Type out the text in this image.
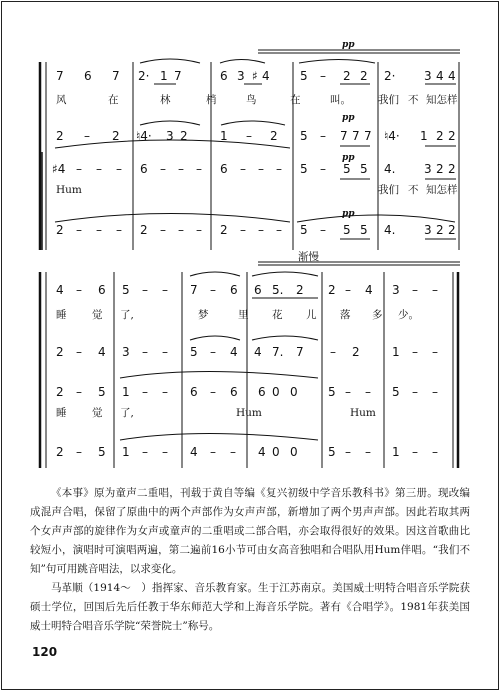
pp
pp
pp
pp
渐慢
7 6 7 2· 1 7	6 3 ♯ 4	5 – 2 2 2· 3 4 4
风	在	林	梢	鸟	在	叫。	我们 不 知怎样
2 – 2 ♮4· 3 2	1 – 2 5 – 7 7 7 ♮4· 1 2 2
♯4 – – – 6 – – – 6 – – – 5 – 5 5 4. 3 2 2
Hum	我们 不 知怎样
2 – – – 2 – – – 2 – – – 5 – 5 5 4. 3 2 2
4 – 6 5 – – 7 – 6 6 5. 2 2 – 4 3 – –
睡 觉 了,	梦	里 花 儿 落 多 少。
2 – 4 3 – – 5 – 4 4 7. 7 – 2	1 – –
2 – 5 1 – – 6 – 6 6 0 0	5 – – 5 – –
睡 觉 了,	Hum	Hum
2 – 5 1 – – 4 – – 4 0 0	5 – – 1 – –

《本事》原为童声二重唱，刊载于黄自等编《复兴初级中学音乐教科书》第三册。现改编成混声合唱，保留了原曲中的两个声部作为女声声部，新增加了两个男声声部。因此若取其两个女声声部的旋律作为女声或童声的二重唱或二部合唱，亦会取得很好的效果。因这首歌曲比较短小，演唱时可演唱两遍，第二遍前16小节可由女高音独唱和合唱队用Hum伴唱。“我们不知”句可用跳音唱法，以求变化。

马革顺（1914～　）指挥家、音乐教育家。生于江苏南京。美国威士明特合唱音乐学院获硕士学位，回国后先后任教于华东师范大学和上海音乐学院。著有《合唱学》。1981年获美国威士明特合唱音乐学院“荣誉院士”称号。

120
